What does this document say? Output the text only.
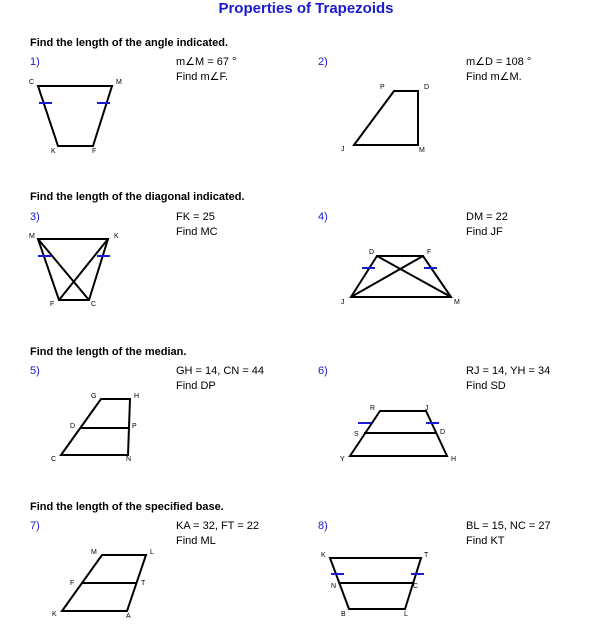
Properties of Trapezoids
Find the length of the angle indicated.
Find the length of the diagonal indicated.
Find the length of the median.
Find the length of the specified base.
1)	2)
3)	4)
5)	6)
7)	8)
m∠M = 67 °
Find m∠F.
m∠D = 108 °
Find m∠M.
FK = 25
Find MC
DM = 22
Find JF
GH = 14, CN = 44
Find DP
RJ = 14, YH = 34
Find SD
KA = 32, FT = 22
Find ML
BL = 15, NC = 27
Find KT
C	M
K	F
P	D
J	M
M	K
F	C
D	F
J	M
G	H
D	P
C	N
R	J
S	D
Y	H
M	L
F	T
K	A
K	T
N	C
B	L
